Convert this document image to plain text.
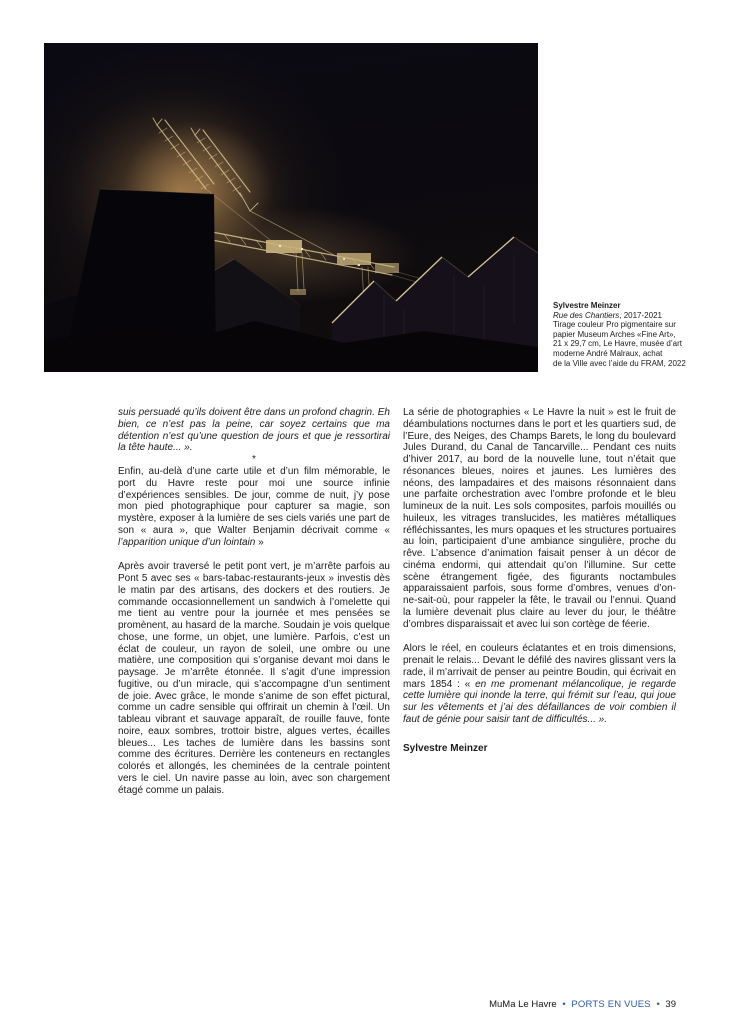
Sylvestre Meinzer
Rue des Chantiers, 2017-2021
Tirage couleur Pro pigmentaire sur
papier Museum Arches «Fine Art»,
21 x 29,7 cm, Le Havre, musée d’art
moderne André Malraux, achat
de la Ville avec l’aide du FRAM, 2022

suis persuadé qu’ils doivent être dans un profond chagrin. Eh bien, ce n’est pas la peine, car soyez certains que ma détention n’est qu’une question de jours et que je ressortirai la tête haute... ».

*

Enfin, au-delà d’une carte utile et d’un film mémorable, le port du Havre reste pour moi une source infinie d’expériences sensibles. De jour, comme de nuit, j’y pose mon pied photographique pour capturer sa magie, son mystère, exposer à la lumière de ses ciels variés une part de son « aura », que Walter Benjamin décrivait comme « l’apparition unique d’un lointain »

Après avoir traversé le petit pont vert, je m’arrête parfois au Pont 5 avec ses « bars-tabac-restaurants-jeux » investis dès le matin par des artisans, des dockers et des routiers. Je commande occasionnellement un sandwich à l’omelette qui me tient au ventre pour la journée et mes pensées se promènent, au hasard de la marche. Soudain je vois quelque chose, une forme, un objet, une lumière. Parfois, c’est un éclat de couleur, un rayon de soleil, une ombre ou une matière, une composition qui s’organise devant moi dans le paysage. Je m’arrête étonnée. Il s’agit d’une impression fugitive, ou d’un miracle, qui s’accompagne d’un sentiment de joie. Avec grâce, le monde s’anime de son effet pictural, comme un cadre sensible qui offrirait un chemin à l’œil. Un tableau vibrant et sauvage apparaît, de rouille fauve, fonte noire, eaux sombres, trottoir bistre, algues vertes, écailles bleues... Les taches de lumière dans les bassins sont comme des écritures. Derrière les conteneurs en rectangles colorés et allongés, les cheminées de la centrale pointent vers le ciel. Un navire passe au loin, avec son chargement étagé comme un palais.

La série de photographies « Le Havre la nuit » est le fruit de déambulations nocturnes dans le port et les quartiers sud, de l’Eure, des Neiges, des Champs Barets, le long du boulevard Jules Durand, du Canal de Tancarville... Pendant ces nuits d’hiver 2017, au bord de la nouvelle lune, tout n’était que résonances bleues, noires et jaunes. Les lumières des néons, des lampadaires et des maisons résonnaient dans une parfaite orchestration avec l’ombre profonde et le bleu lumineux de la nuit. Les sols composites, parfois mouillés ou huileux, les vitrages translucides, les matières métalliques réfléchissantes, les murs opaques et les structures portuaires au loin, participaient d’une ambiance singulière, proche du rêve. L’absence d’animation faisait penser à un décor de cinéma endormi, qui attendait qu’on l’illumine. Sur cette scène étrangement figée, des figurants noctambules apparaissaient parfois, sous forme d’ombres, venues d’on-ne-sait-où, pour rappeler la fête, le travail ou l’ennui. Quand la lumière devenait plus claire au lever du jour, le théâtre d’ombres disparaissait et avec lui son cortège de féerie.

Alors le réel, en couleurs éclatantes et en trois dimensions, prenait le relais... Devant le défilé des navires glissant vers la rade, il m’arrivait de penser au peintre Boudin, qui écrivait en mars 1854 : « en me promenant mélancolique, je regarde cette lumière qui inonde la terre, qui frémit sur l’eau, qui joue sur les vêtements et j’ai des défaillances de voir combien il faut de génie pour saisir tant de difficultés... ».

Sylvestre Meinzer

MuMa Le Havre • PORTS EN VUES • 39
